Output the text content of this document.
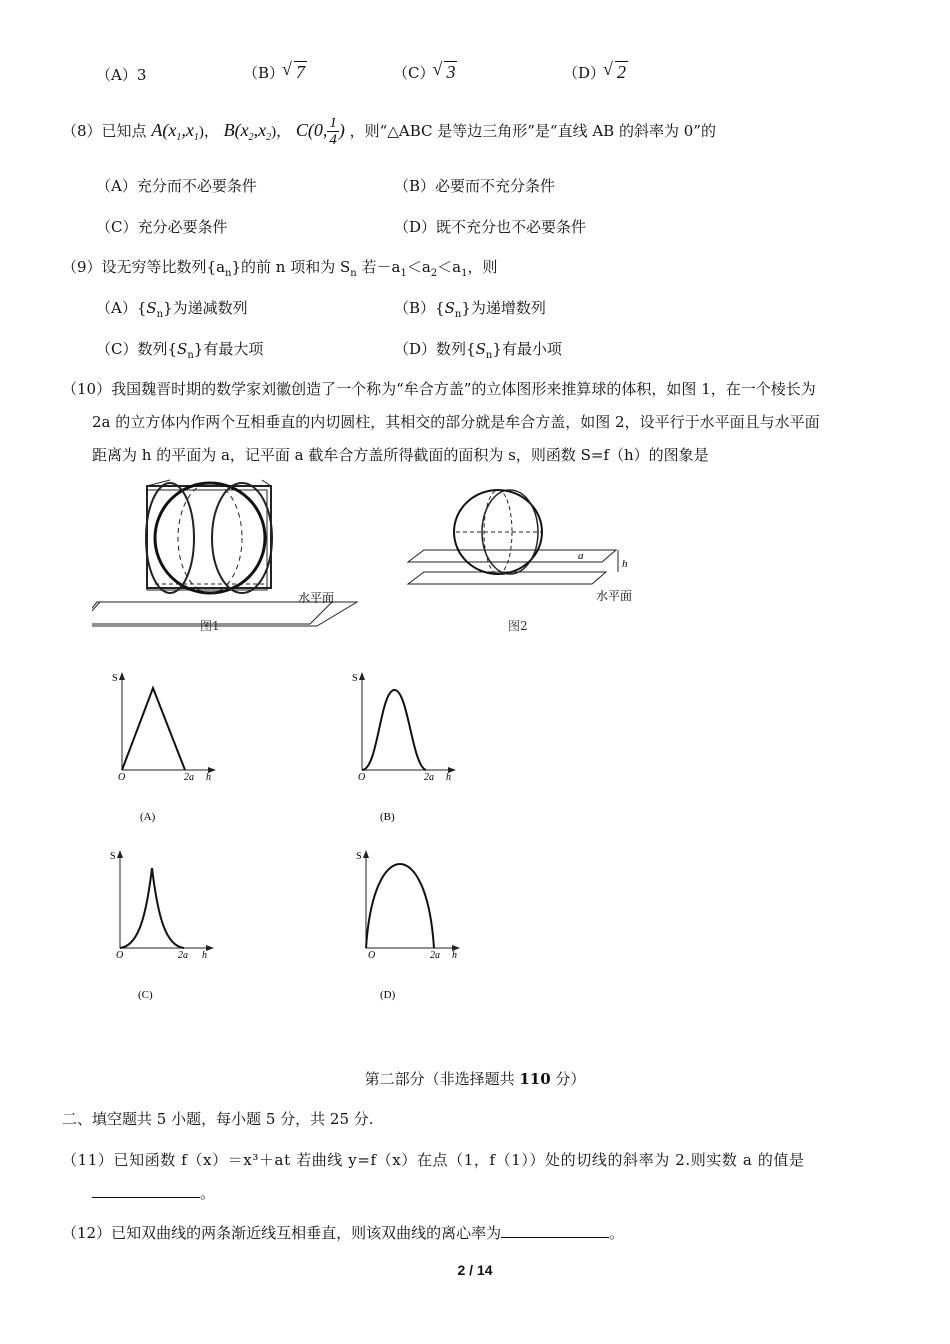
（A）3	（B） √ 7	（C） √ 3	（D） √ 2
（8）已知点 $A(x_1,x_1)$， $B(x_2,x_2)$， C(0, $\frac{1}{4}$ ) ，则“△ABC 是等边三角形”是“直线 AB 的斜率为 0”的
（A）充分而不必要条件	（B）必要而不充分条件
（C）充分必要条件	（D）既不充分也不必要条件
（9）设无穷等比数列$\{a_n\}$的前 n 项和为 $S_n$ 若$-a_1<a_2<a_1$，则
$(A)\{S_n\}$为递减数列	$(B)\{S_n\}$为递增数列
（C）数列$\{S_n\}$有最大项	（D）数列$\{S_n\}$有最小项
（10）我国魏晋时期的数学家刘徽创造了一个称为“牟合方盖”的立体图形来推算球的体积，如图 1，在一个棱长为
2a 的立方体内作两个互相垂直的内切圆柱，其相交的部分就是牟合方盖，如图 2，设平行于水平面且与水平面
距离为 h 的平面为 a，记平面 a 截牟合方盖所得截面的面积为 s，则函数 S=f（h）的图象是
水平面
图1
a
h
水平面
图2
S
O	2a h
(A)
S
O	2a h
(B)
S
O	2a h
(C)
S
O	2a h
(D)
第二部分（非选择题共 110 分）
二、填空题共 5 小题，每小题 5 分，共 25 分.
（11）已知函数 f（x）＝x³＋at 若曲线 y=f（x）在点（1，f（1））处的切线的斜率为 2.则实数 a 的值是
。
（12）已知双曲线的两条渐近线互相垂直，则该双曲线的离心率为	。
2 / 14
